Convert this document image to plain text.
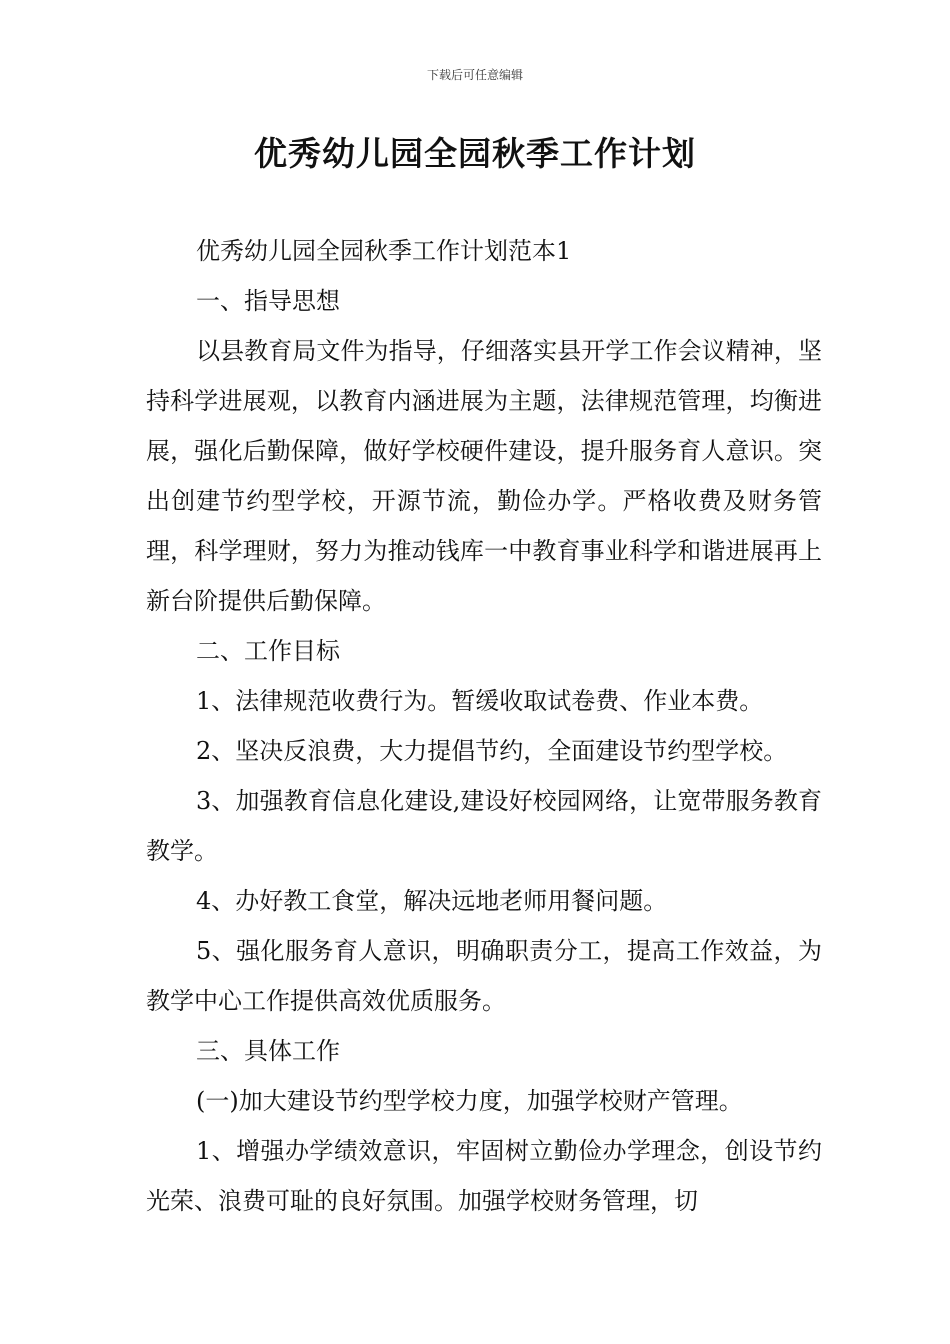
下载后可任意编辑
优秀幼儿园全园秋季工作计划

优秀幼儿园全园秋季工作计划范本1

一、指导思想

以县教育局文件为指导，仔细落实县开学工作会议精神，坚持科学进展观，以教育内涵进展为主题，法律规范管理，均衡进展，强化后勤保障，做好学校硬件建设，提升服务育人意识。突出创建节约型学校，开源节流，勤俭办学。严格收费及财务管理，科学理财，努力为推动钱库一中教育事业科学和谐进展再上新台阶提供后勤保障。

二、工作目标

1、法律规范收费行为。暂缓收取试卷费、作业本费。

2、坚决反浪费，大力提倡节约，全面建设节约型学校。

3、加强教育信息化建设,建设好校园网络，让宽带服务教育教学。

4、办好教工食堂，解决远地老师用餐问题。

5、强化服务育人意识，明确职责分工，提高工作效益，为教学中心工作提供高效优质服务。

三、具体工作

(一)加大建设节约型学校力度，加强学校财产管理。

1、增强办学绩效意识，牢固树立勤俭办学理念，创设节约光荣、浪费可耻的良好氛围。加强学校财务管理，切
